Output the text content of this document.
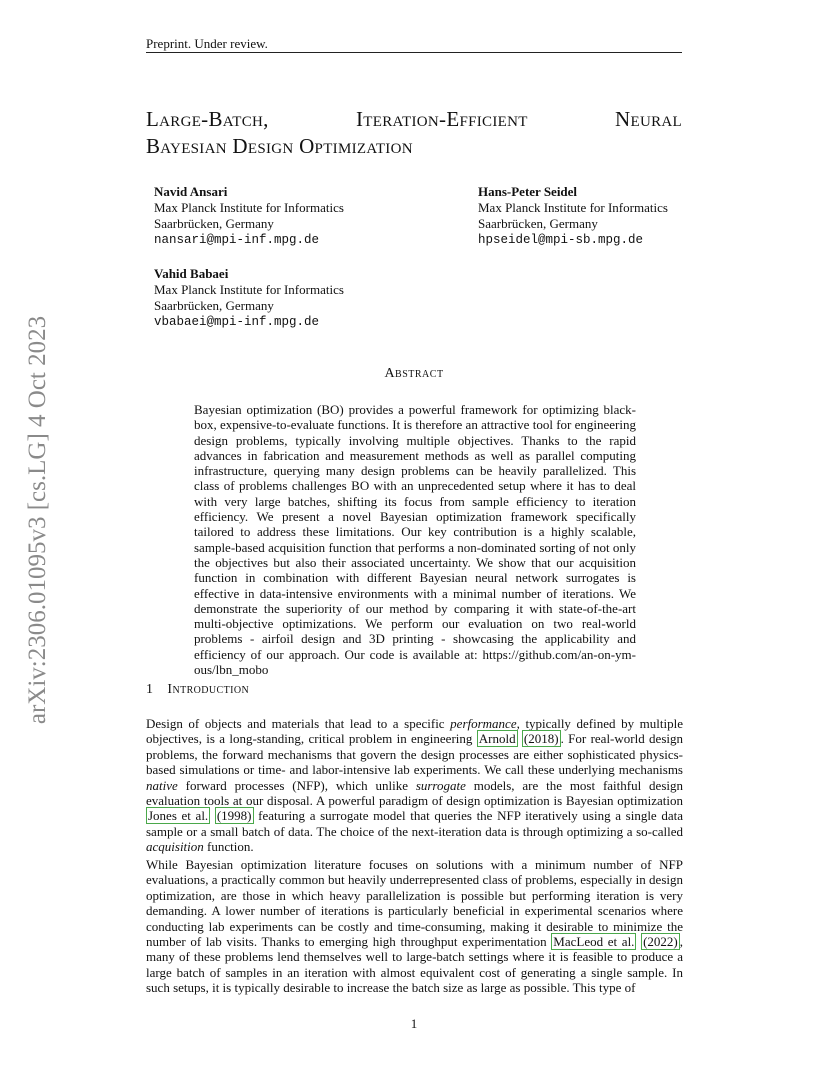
Preprint. Under review.
arXiv:2306.01095v3 [cs.LG] 4 Oct 2023
Large-Batch,	Iteration-Efficient	Neural
Bayesian Design Optimization
Navid Ansari
Max Planck Institute for Informatics
Saarbrücken, Germany
nansari@mpi-inf.mpg.de
Hans-Peter Seidel
Max Planck Institute for Informatics
Saarbrücken, Germany
hpseidel@mpi-sb.mpg.de
Vahid Babaei
Max Planck Institute for Informatics
Saarbrücken, Germany
vbabaei@mpi-inf.mpg.de
Abstract
Bayesian optimization (BO) provides a powerful framework for optimizing black-box, expensive-to-evaluate functions. It is therefore an attractive tool for engineering design problems, typically involving multiple objectives. Thanks to the rapid advances in fabrication and measurement methods as well as parallel computing infrastructure, querying many design problems can be heavily parallelized. This class of problems challenges BO with an unprecedented setup where it has to deal with very large batches, shifting its focus from sample efficiency to iteration efficiency. We present a novel Bayesian optimization framework specifically tailored to address these limitations. Our key contribution is a highly scalable, sample-based acquisition function that performs a non-dominated sorting of not only the objectives but also their associated uncertainty. We show that our acquisition function in combination with different Bayesian neural network surrogates is effective in data-intensive environments with a minimal number of iterations. We demonstrate the superiority of our method by comparing it with state-of-the-art multi-objective optimizations. We perform our evaluation on two real-world problems - airfoil design and 3D printing - showcasing the applicability and efficiency of our approach. Our code is available at: https://github.com/an-on-ym-ous/lbn_mobo
1 Introduction
Design of objects and materials that lead to a specific performance, typically defined by multiple objectives, is a long-standing, critical problem in engineering Arnold (2018) . For real-world design problems, the forward mechanisms that govern the design processes are either sophisticated physics-based simulations or time- and labor-intensive lab experiments. We call these underlying mechanisms native forward processes (NFP), which unlike surrogate models, are the most faithful design evaluation tools at our disposal. A powerful paradigm of design optimization is Bayesian optimization Jones et al. (1998) featuring a surrogate model that queries the NFP iteratively using a single data sample or a small batch of data. The choice of the next-iteration data is through optimizing a so-called acquisition function.
While Bayesian optimization literature focuses on solutions with a minimum number of NFP evaluations, a practically common but heavily underrepresented class of problems, especially in design optimization, are those in which heavy parallelization is possible but performing iteration is very demanding. A lower number of iterations is particularly beneficial in experimental scenarios where conducting lab experiments can be costly and time-consuming, making it desirable to minimize the number of lab visits. Thanks to emerging high throughput experimentation MacLeod et al. (2022) , many of these problems lend themselves well to large-batch settings where it is feasible to produce a large batch of samples in an iteration with almost equivalent cost of generating a single sample. In such setups, it is typically desirable to increase the batch size as large as possible. This type of
1
